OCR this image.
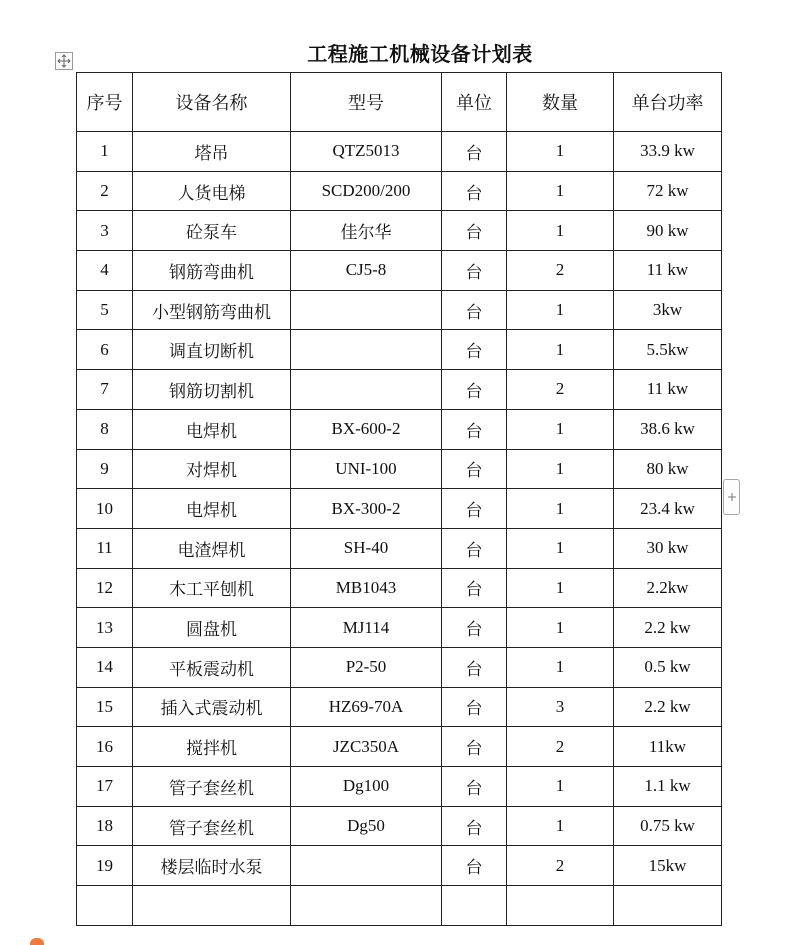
工程施工机械设备计划表
序号	设备名称	型号	单位	数量	单台功率
1	塔吊	QTZ5013	台	1	33.9 kw
2	人货电梯	SCD200/200	台	1	72 kw
3	砼泵车	佳尔华	台	1	90 kw
4	钢筋弯曲机	CJ5-8	台	2	11 kw
5	小型钢筋弯曲机		台	1	3kw
6	调直切断机		台	1	5.5kw
7	钢筋切割机		台	2	11 kw
8	电焊机	BX-600-2	台	1	38.6 kw
9	对焊机	UNI-100	台	1	80 kw
10	电焊机	BX-300-2	台	1	23.4 kw
11	电渣焊机	SH-40	台	1	30 kw
12	木工平刨机	MB1043	台	1	2.2kw
13	圆盘机	MJ114	台	1	2.2 kw
14	平板震动机	P2-50	台	1	0.5 kw
15	插入式震动机	HZ69-70A	台	3	2.2 kw
16	搅拌机	JZC350A	台	2	11kw
17	管子套丝机	Dg100	台	1	1.1 kw
18	管子套丝机	Dg50	台	1	0.75 kw
19	楼层临时水泵		台	2	15kw
